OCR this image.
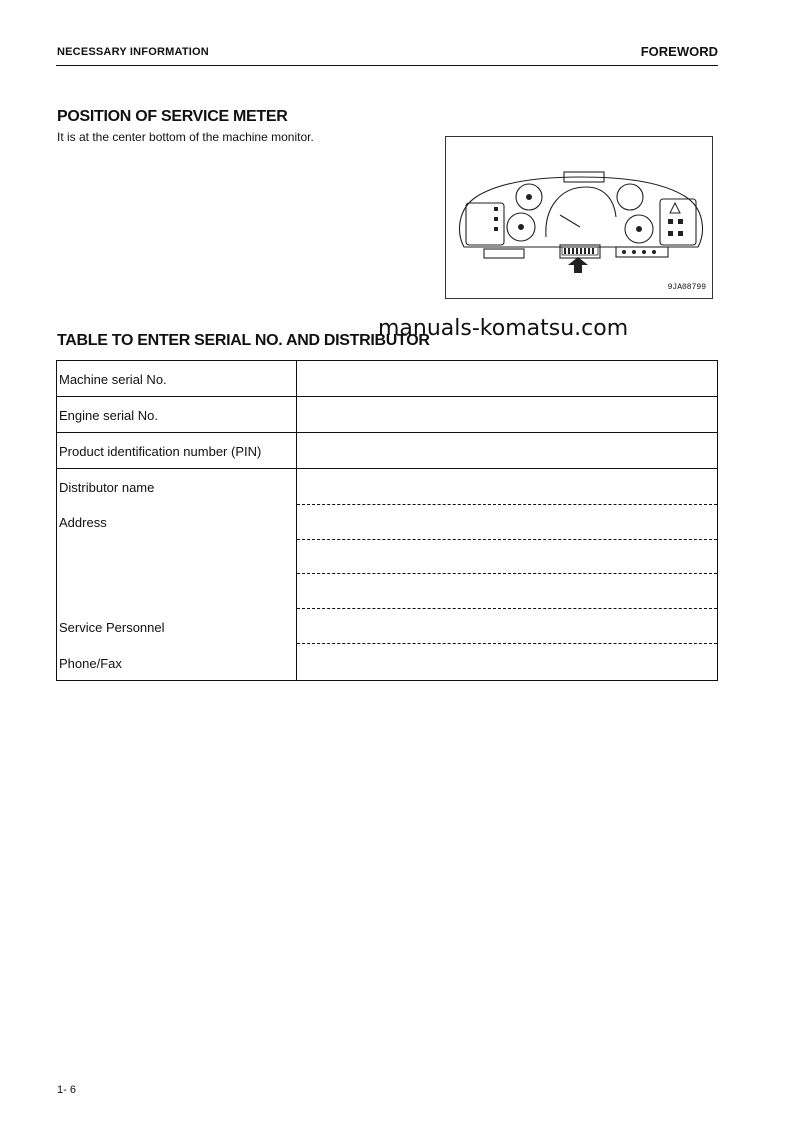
NECESSARY INFORMATION	FOREWORD
POSITION OF SERVICE METER
It is at the center bottom of the machine monitor.
9JA08799
TABLE TO ENTER SERIAL NO. AND DISTRIBUTOR
manuals-komatsu.com
Machine serial No.
Engine serial No.
Product identification number (PIN)
Distributor name
Address
Service Personnel
Phone/Fax
1- 6
